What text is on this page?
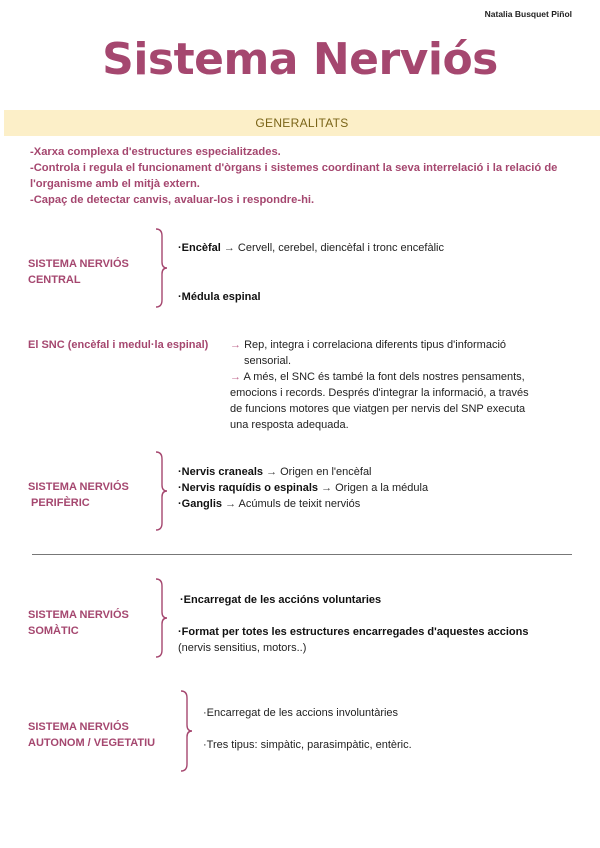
Natalia Busquet Piñol
Sistema Nerviós
GENERALITATS
-Xarxa complexa d'estructures especialitzades.
-Controla i regula el funcionament d'òrgans i sistemes coordinant la seva interrelació i la relació de l'organisme amb el mitjà extern.
-Capaç de detectar canvis, avaluar-los i respondre-hi.
SISTEMA NERVIÓS
CENTRAL
·Encèfal → Cervell, cerebel, diencèfal i tronc encefàlic
·Médula espinal
El SNC (encèfal i medul·la espinal) → Rep, integra i correlaciona diferents tipus d'informació
sensorial.
→ A més, el SNC és també la font dels nostres pensaments,
emocions i records. Després d'integrar la informació, a través
de funcions motores que viatgen per nervis del SNP executa
una resposta adequada.
SISTEMA NERVIÓS
PERIFÈRIC
·Nervis craneals → Origen en l'encèfal
·Nervis raquídis o espinals → Origen a la médula
·Ganglis → Acúmuls de teixit nerviós
SISTEMA NERVIÓS
SOMÀTIC
·Encarregat de les accións voluntaries
·Format per totes les estructures encarregades d'aquestes accions
(nervis sensitius, motors..)
SISTEMA NERVIÓS
AUTONOM / VEGETATIU
·Encarregat de les accions involuntàries
·Tres tipus: simpàtic, parasimpàtic, entèric.
